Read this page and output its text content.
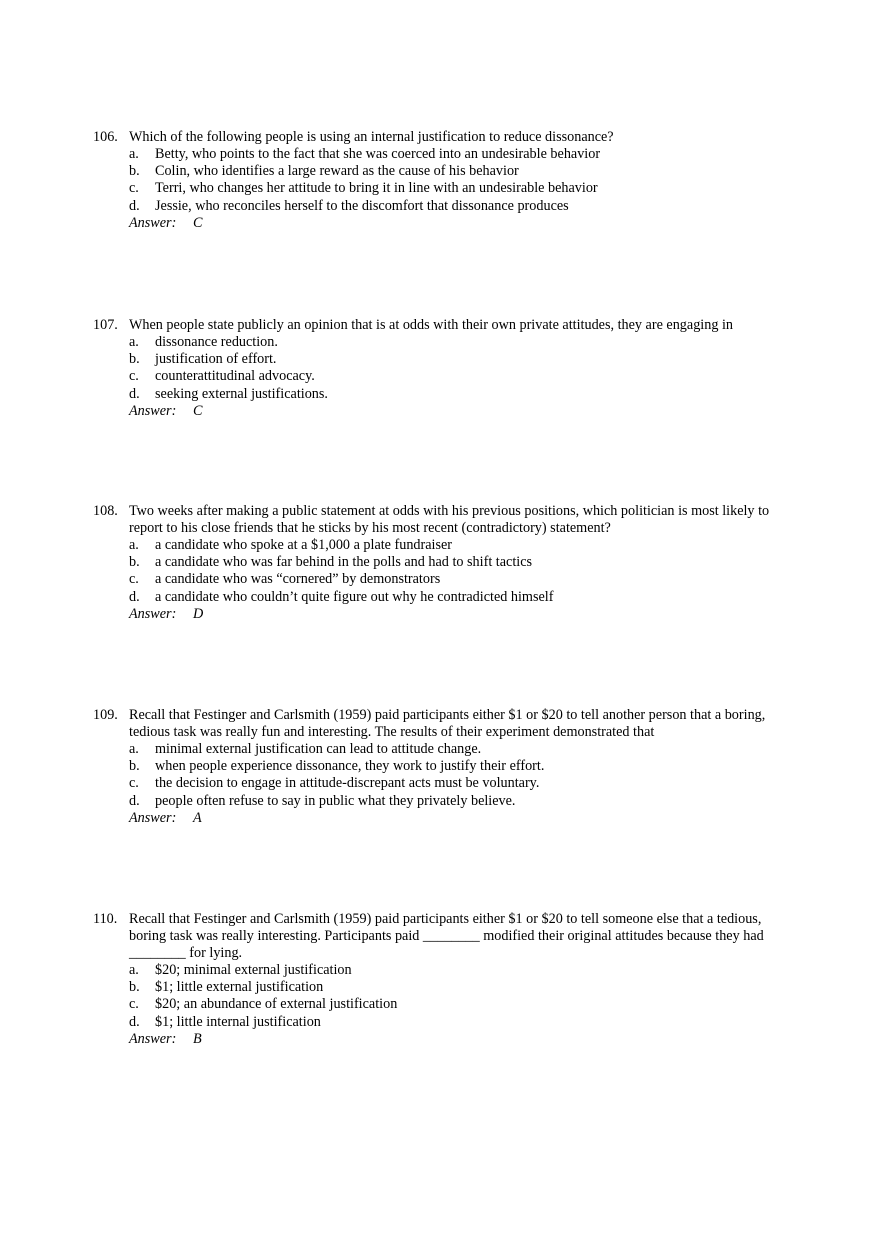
106. Which of the following people is using an internal justification to reduce dissonance?
a.	Betty, who points to the fact that she was coerced into an undesirable behavior
b.	Colin, who identifies a large reward as the cause of his behavior
c.	Terri, who changes her attitude to bring it in line with an undesirable behavior
d.	Jessie, who reconciles herself to the discomfort that dissonance produces
Answer: C
107. When people state publicly an opinion that is at odds with their own private attitudes, they are engaging in
a.	dissonance reduction.
b.	justification of effort.
c.	counterattitudinal advocacy.
d.	seeking external justifications.
Answer: C
108. Two weeks after making a public statement at odds with his previous positions, which politician is most likely to report to his close friends that he sticks by his most recent (contradictory) statement?
a.	a candidate who spoke at a $1,000 a plate fundraiser
b.	a candidate who was far behind in the polls and had to shift tactics
c.	a candidate who was “cornered” by demonstrators
d.	a candidate who couldn’t quite figure out why he contradicted himself
Answer: D
109. Recall that Festinger and Carlsmith (1959) paid participants either $1 or $20 to tell another person that a boring, tedious task was really fun and interesting. The results of their experiment demonstrated that
a.	minimal external justification can lead to attitude change.
b.	when people experience dissonance, they work to justify their effort.
c.	the decision to engage in attitude-discrepant acts must be voluntary.
d.	people often refuse to say in public what they privately believe.
Answer: A
110. Recall that Festinger and Carlsmith (1959) paid participants either $1 or $20 to tell someone else that a tedious, boring task was really interesting. Participants paid ________ modified their original attitudes because they had ________ for lying.
a.	$20; minimal external justification
b.	$1; little external justification
c.	$20; an abundance of external justification
d.	$1; little internal justification
Answer: B
